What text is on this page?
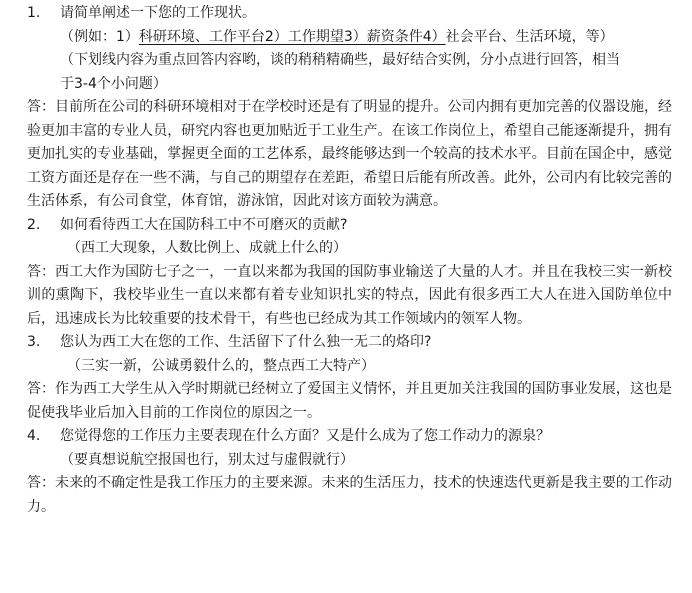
1.	请简单阐述一下您的工作现状。
（例如：1）科研环境、工作平台2）工作期望3）薪资条件4）社会平台、生活环境，等）
（下划线内容为重点回答内容哟，谈的稍稍精确些，最好结合实例，分小点进行回答，相当
于3-4个小问题）
答：目前所在公司的科研环境相对于在学校时还是有了明显的提升。公司内拥有更加完善的仪器设施，经验更加丰富的专业人员，研究内容也更加贴近于工业生产。在该工作岗位上，希望自己能逐渐提升，拥有更加扎实的专业基础，掌握更全面的工艺体系，最终能够达到一个较高的技术水平。目前在国企中，感觉工资方面还是存在一些不满，与自己的期望存在差距，希望日后能有所改善。此外，公司内有比较完善的生活体系，有公司食堂，体育馆，游泳馆，因此对该方面较为满意。
2.	如何看待西工大在国防科工中不可磨灭的贡献?
（西工大现象，人数比例上、成就上什么的）
答：西工大作为国防七子之一，一直以来都为我国的国防事业输送了大量的人才。并且在我校三实一新校训的熏陶下，我校毕业生一直以来都有着专业知识扎实的特点，因此有很多西工大人在进入国防单位中后，迅速成长为比较重要的技术骨干，有些也已经成为其工作领域内的领军人物。
3.	您认为西工大在您的工作、生活留下了什么独一无二的烙印?
（三实一新，公诚勇毅什么的，整点西工大特产）
答：作为西工大学生从入学时期就已经树立了爱国主义情怀，并且更加关注我国的国防事业发展，这也是促使我毕业后加入目前的工作岗位的原因之一。
4.	您觉得您的工作压力主要表现在什么方面？又是什么成为了您工作动力的源泉？
（要真想说航空报国也行，别太过与虚假就行）
答：未来的不确定性是我工作压力的主要来源。未来的生活压力，技术的快速迭代更新是我主要的工作动力。
